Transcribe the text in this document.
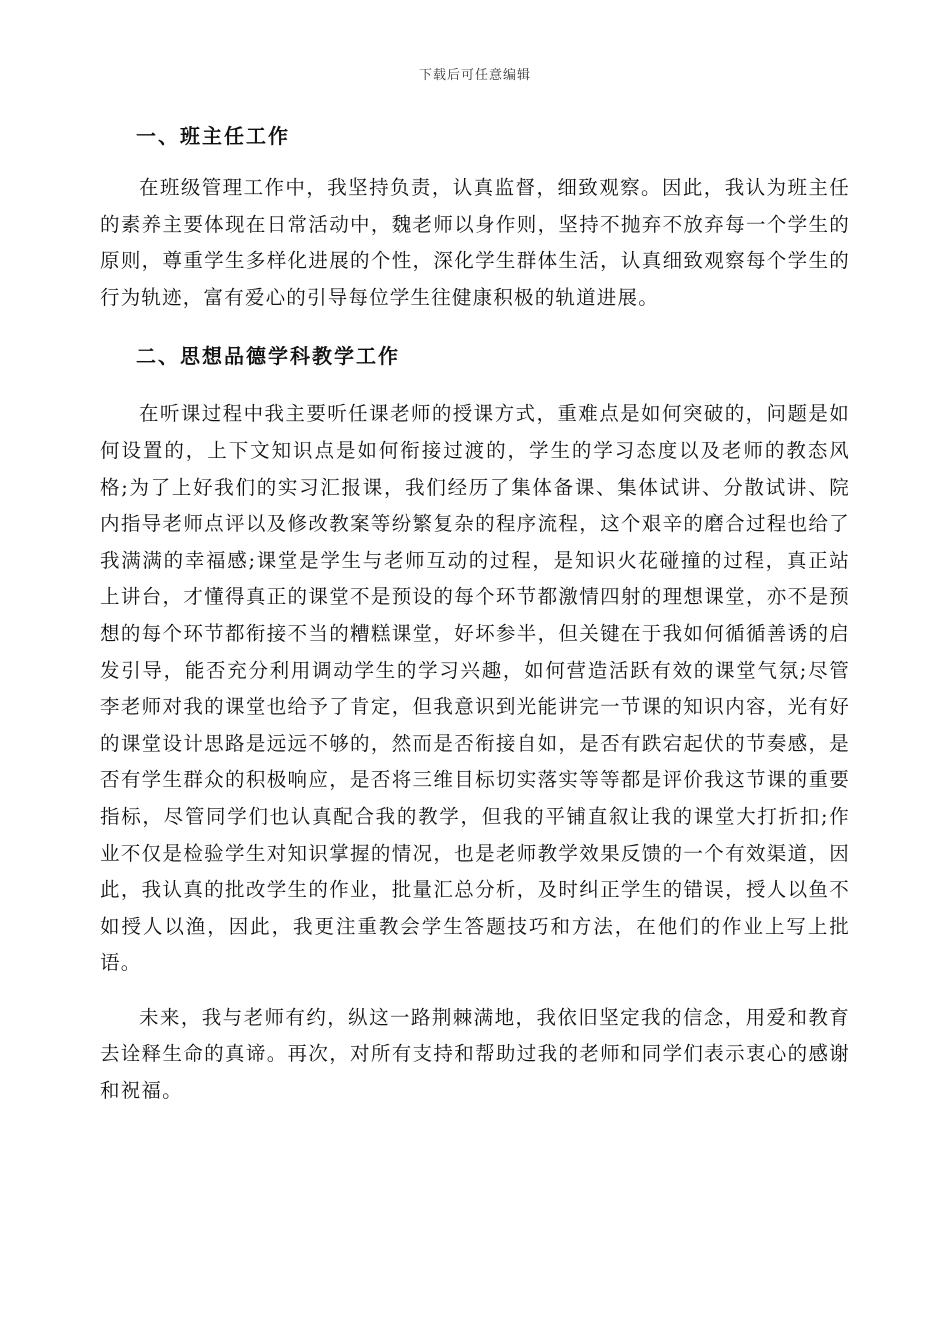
下载后可任意编辑
一、班主任工作

在班级管理工作中，我坚持负责，认真监督，细致观察。因此，我认为班主任的素养主要体现在日常活动中，魏老师以身作则，坚持不抛弃不放弃每一个学生的原则，尊重学生多样化进展的个性，深化学生群体生活，认真细致观察每个学生的行为轨迹，富有爱心的引导每位学生往健康积极的轨道进展。

二、思想品德学科教学工作

在听课过程中我主要听任课老师的授课方式，重难点是如何突破的，问题是如何设置的，上下文知识点是如何衔接过渡的，学生的学习态度以及老师的教态风格;为了上好我们的实习汇报课，我们经历了集体备课、集体试讲、分散试讲、院内指导老师点评以及修改教案等纷繁复杂的程序流程，这个艰辛的磨合过程也给了我满满的幸福感;课堂是学生与老师互动的过程，是知识火花碰撞的过程，真正站上讲台，才懂得真正的课堂不是预设的每个环节都激情四射的理想课堂，亦不是预想的每个环节都衔接不当的糟糕课堂，好坏参半，但关键在于我如何循循善诱的启发引导，能否充分利用调动学生的学习兴趣，如何营造活跃有效的课堂气氛;尽管李老师对我的课堂也给予了肯定，但我意识到光能讲完一节课的知识内容，光有好的课堂设计思路是远远不够的，然而是否衔接自如，是否有跌宕起伏的节奏感，是否有学生群众的积极响应，是否将三维目标切实落实等等都是评价我这节课的重要指标，尽管同学们也认真配合我的教学，但我的平铺直叙让我的课堂大打折扣;作业不仅是检验学生对知识掌握的情况，也是老师教学效果反馈的一个有效渠道，因此，我认真的批改学生的作业，批量汇总分析，及时纠正学生的错误，授人以鱼不如授人以渔，因此，我更注重教会学生答题技巧和方法，在他们的作业上写上批语。

未来，我与老师有约，纵这一路荆棘满地，我依旧坚定我的信念，用爱和教育去诠释生命的真谛。再次，对所有支持和帮助过我的老师和同学们表示衷心的感谢和祝福。
